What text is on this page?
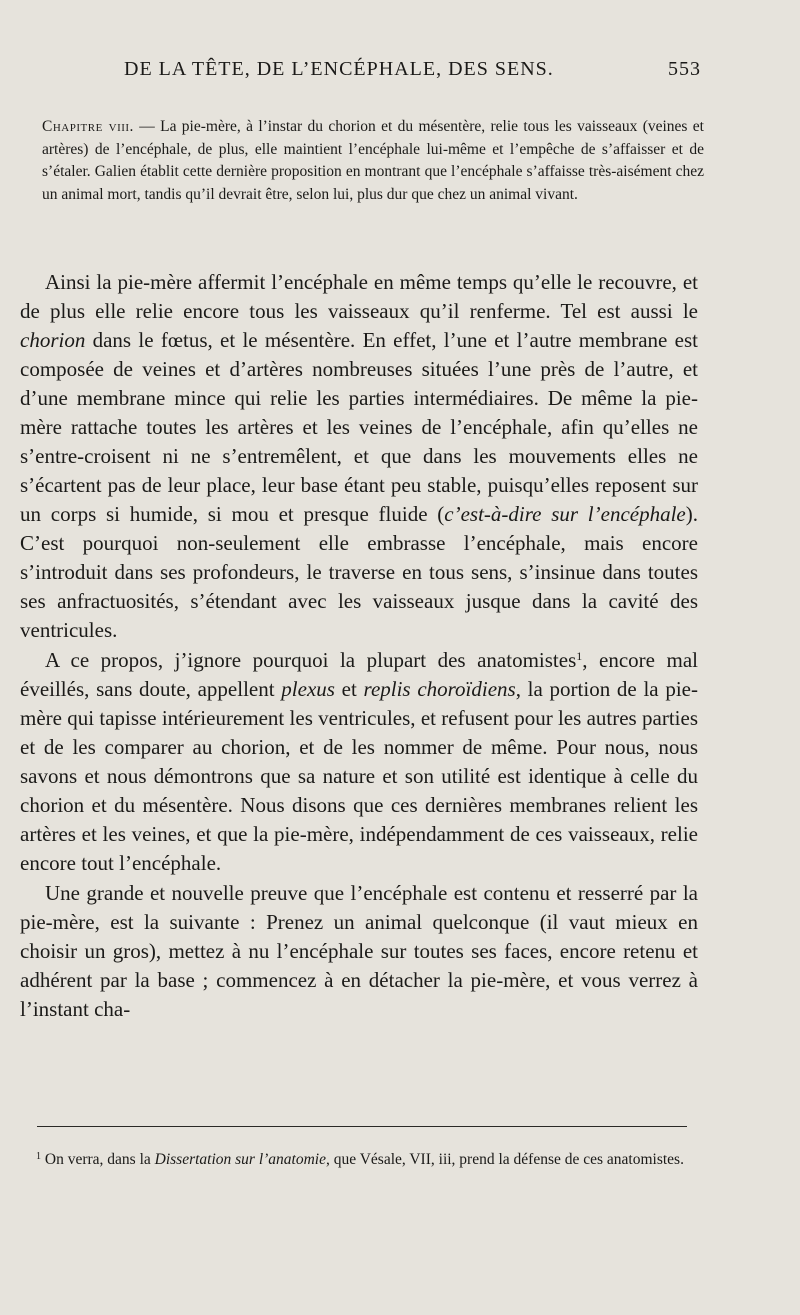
DE LA TÊTE, DE L’ENCÉPHALE, DES SENS.	553
Chapitre viii. — La pie-mère, à l’instar du chorion et du mésentère, relie tous les vaisseaux (veines et artères) de l’encéphale, de plus, elle maintient l’encéphale lui-même et l’empêche de s’affaisser et de s’étaler. Galien établit cette dernière proposition en montrant que l’encéphale s’affaisse très-aisément chez un animal mort, tandis qu’il devrait être, selon lui, plus dur que chez un animal vivant.

Ainsi la pie-mère affermit l’encéphale en même temps qu’elle le recouvre, et de plus elle relie encore tous les vaisseaux qu’il renferme. Tel est aussi le chorion dans le fœtus, et le mésentère. En effet, l’une et l’autre membrane est composée de veines et d’artères nombreuses situées l’une près de l’autre, et d’une membrane mince qui relie les parties intermédiaires. De même la pie-mère rattache toutes les artères et les veines de l’encéphale, afin qu’elles ne s’entre-croisent ni ne s’entremêlent, et que dans les mouvements elles ne s’écartent pas de leur place, leur base étant peu stable, puisqu’elles reposent sur un corps si humide, si mou et presque fluide (c’est-à-dire sur l’encéphale). C’est pourquoi non-seulement elle embrasse l’encéphale, mais encore s’introduit dans ses profondeurs, le traverse en tous sens, s’insinue dans toutes ses anfractuosités, s’étendant avec les vaisseaux jusque dans la cavité des ventricules.

A ce propos, j’ignore pourquoi la plupart des anatomistes$^1$, encore mal éveillés, sans doute, appellent plexus et replis choroïdiens, la portion de la pie-mère qui tapisse intérieurement les ventricules, et refusent pour les autres parties et de les comparer au chorion, et de les nommer de même. Pour nous, nous savons et nous démontrons que sa nature et son utilité est identique à celle du chorion et du mésentère. Nous disons que ces dernières membranes relient les artères et les veines, et que la pie-mère, indépendamment de ces vaisseaux, relie encore tout l’encéphale.

Une grande et nouvelle preuve que l’encéphale est contenu et resserré par la pie-mère, est la suivante : Prenez un animal quelconque (il vaut mieux en choisir un gros), mettez à nu l’encéphale sur toutes ses faces, encore retenu et adhérent par la base ; commencez à en détacher la pie-mère, et vous verrez à l’instant cha-

$^1$ On verra, dans la Dissertation sur l’anatomie, que Vésale, VII, iii, prend la défense de ces anatomistes.
